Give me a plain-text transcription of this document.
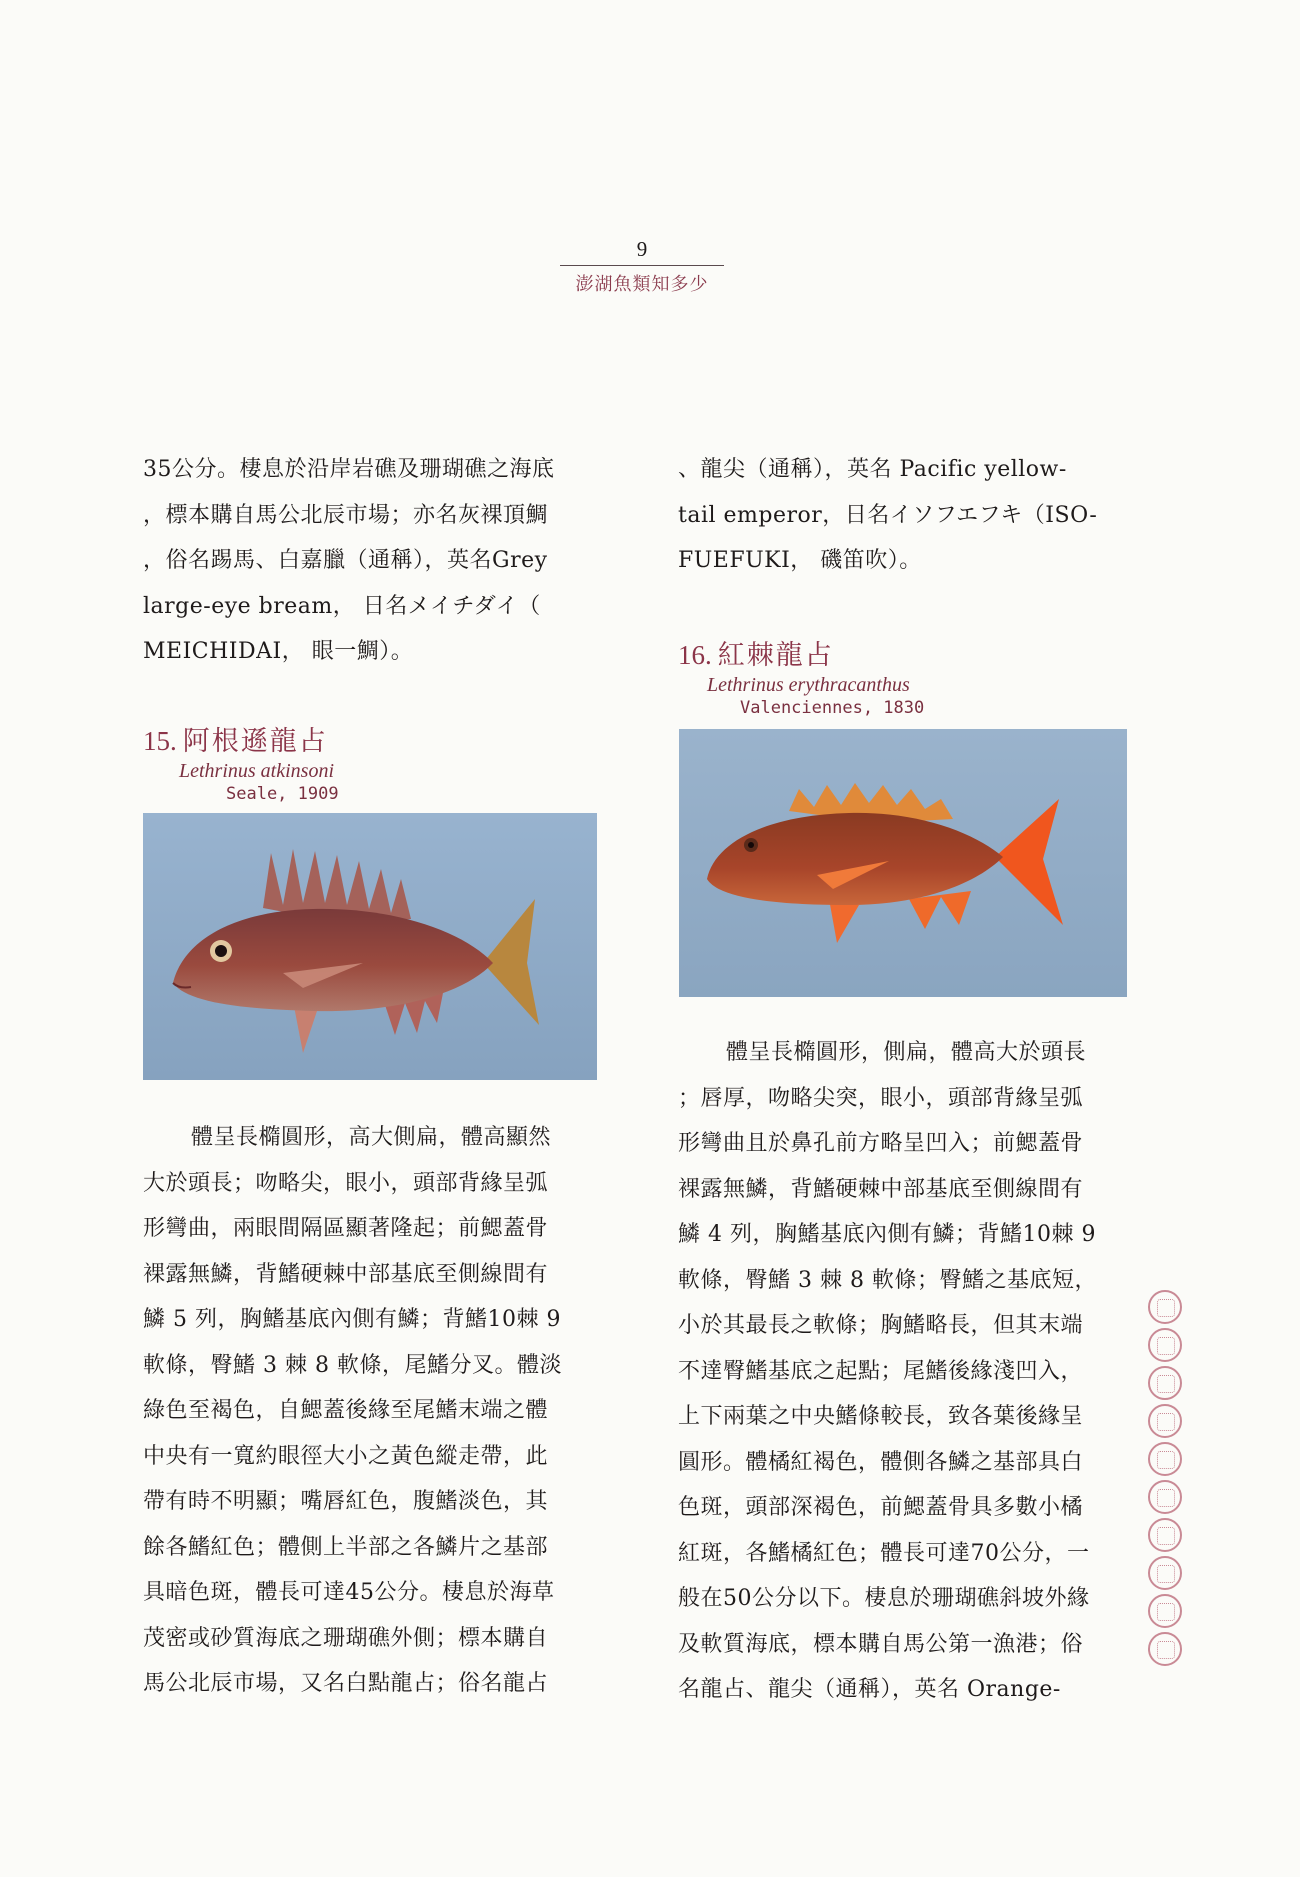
9
澎湖魚類知多少

35公分。棲息於沿岸岩礁及珊瑚礁之海底

，標本購自馬公北辰市場；亦名灰裸頂鯛

，俗名踢馬、白嘉臘（通稱），英名Grey

large-eye bream， 日名メイチダイ（

MEICHIDAI， 眼一鯛）。

15. 阿根遜龍占
Lethrinus atkinsoni
Seale, 1909

體呈長橢圓形，高大側扁，體高顯然

大於頭長；吻略尖，眼小，頭部背緣呈弧

形彎曲，兩眼間隔區顯著隆起；前鰓蓋骨

裸露無鱗，背鰭硬棘中部基底至側線間有

鱗 5 列，胸鰭基底內側有鱗；背鰭10棘 9

軟條，臀鰭 3 棘 8 軟條，尾鰭分叉。體淡

綠色至褐色，自鰓蓋後緣至尾鰭末端之體

中央有一寬約眼徑大小之黃色縱走帶，此

帶有時不明顯；嘴唇紅色，腹鰭淡色，其

餘各鰭紅色；體側上半部之各鱗片之基部

具暗色斑，體長可達45公分。棲息於海草

茂密或砂質海底之珊瑚礁外側；標本購自

馬公北辰市場，又名白點龍占；俗名龍占

、龍尖（通稱），英名 Pacific yellow-

tail emperor，日名イソフエフキ（ISO-

FUEFUKI， 磯笛吹）。

16. 紅棘龍占
Lethrinus erythracanthus
Valenciennes, 1830

體呈長橢圓形，側扁，體高大於頭長

；唇厚，吻略尖突，眼小，頭部背緣呈弧

形彎曲且於鼻孔前方略呈凹入；前鰓蓋骨

裸露無鱗，背鰭硬棘中部基底至側線間有

鱗 4 列，胸鰭基底內側有鱗；背鰭10棘 9

軟條，臀鰭 3 棘 8 軟條；臀鰭之基底短，

小於其最長之軟條；胸鰭略長，但其末端

不達臀鰭基底之起點；尾鰭後緣淺凹入，

上下兩葉之中央鰭條較長，致各葉後緣呈

圓形。體橘紅褐色，體側各鱗之基部具白

色斑，頭部深褐色，前鰓蓋骨具多數小橘

紅斑，各鰭橘紅色；體長可達70公分，一

般在50公分以下。棲息於珊瑚礁斜坡外緣

及軟質海底，標本購自馬公第一漁港；俗

名龍占、龍尖（通稱），英名 Orange-
